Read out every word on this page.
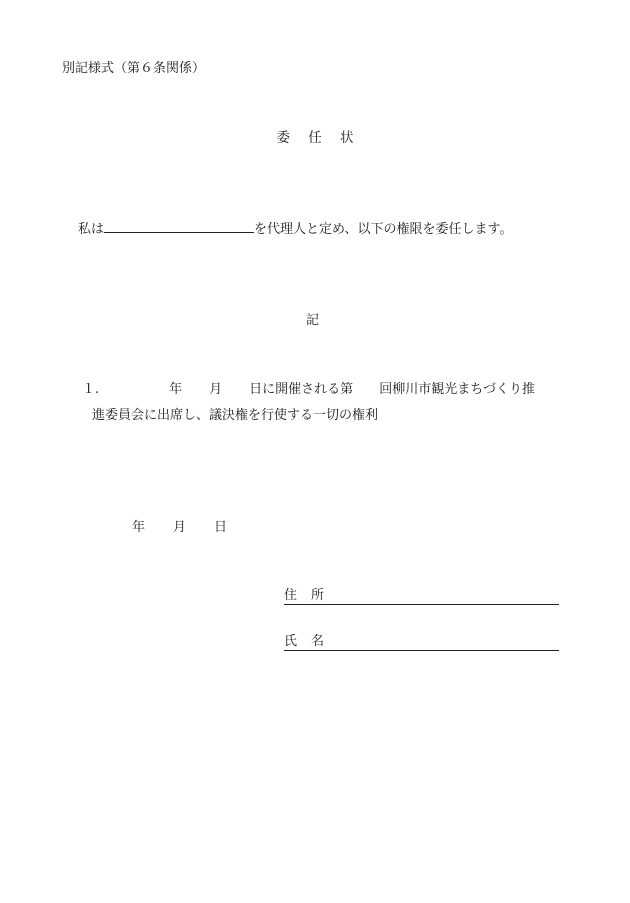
別記様式（第６条関係）
委 任 状
私は	を代理人と定め、以下の権限を委任します。
記
１.	年 月 日に開催される第 回柳川市観光まちづくり推
進委員会に出席し、議決権を行使する一切の権利
年 月 日
住 所
氏 名
